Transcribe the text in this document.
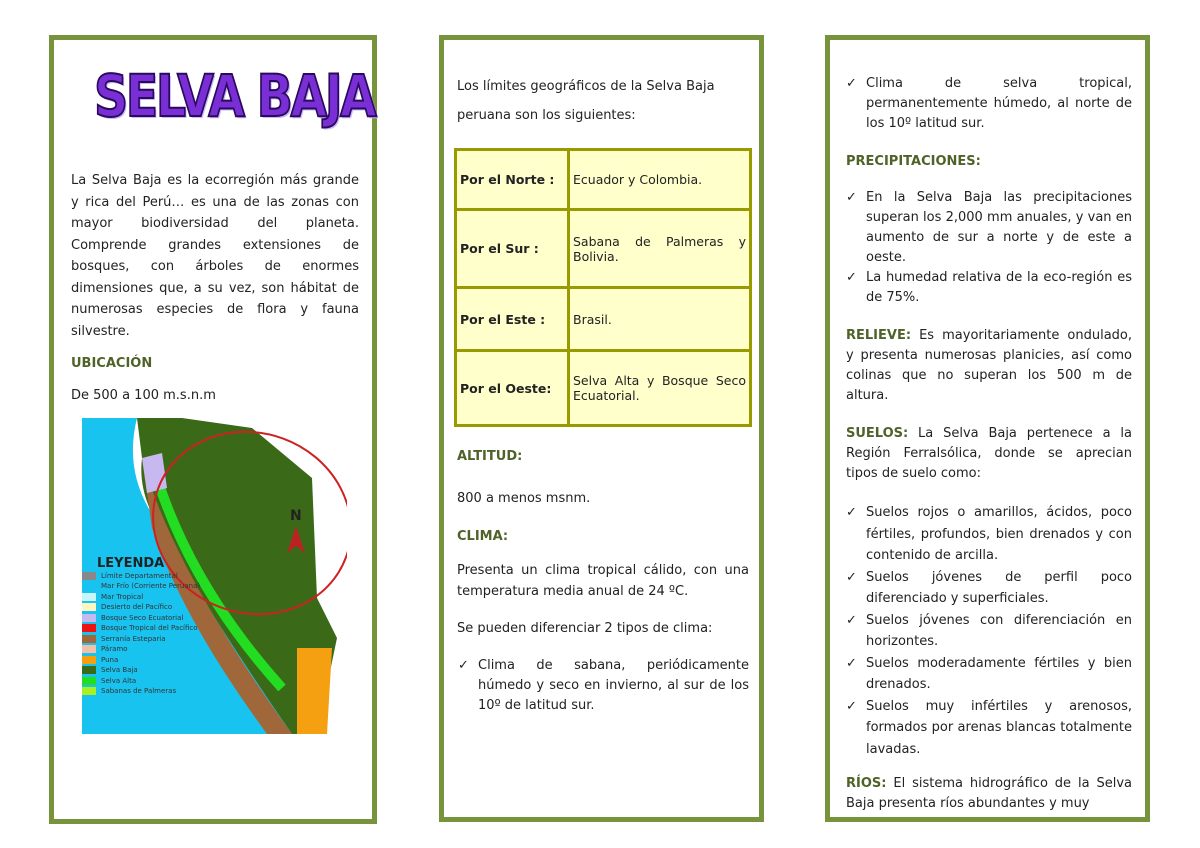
SELVA BAJA

La Selva Baja es la ecorregión más grande y rica del Perú… es una de las zonas con mayor biodiversidad del planeta. Comprende grandes extensiones de bosques, con árboles de enormes dimensiones que, a su vez, son hábitat de numerosas especies de flora y fauna silvestre.

UBICACIÓN

De 500 a 100 m.s.n.m

N
LEYENDA
Límite Departamental
Mar Frío (Corriente Peruana)
Mar Tropical
Desierto del Pacífico
Bosque Seco Ecuatorial
Bosque Tropical del Pacífico
Serranía Esteparia
Páramo
Puna
Selva Baja
Selva Alta
Sabanas de Palmeras

Los límites geográficos de la Selva Baja peruana son los siguientes:

Por el Norte :	Ecuador y Colombia.
Por el Sur :	Sabana de Palmeras y Bolivia.
Por el Este :	Brasil.
Por el Oeste:	Selva Alta y Bosque Seco Ecuatorial.

ALTITUD:

800 a menos msnm.

CLIMA:

Presenta un clima tropical cálido, con una temperatura media anual de 24 ºC.

Se pueden diferenciar 2 tipos de clima:

✓ Clima de sabana, periódicamente húmedo y seco en invierno, al sur de los 10º de latitud sur.
✓ Clima de selva tropical, permanentemente húmedo, al norte de los 10º latitud sur.

PRECIPITACIONES:

✓ En la Selva Baja las precipitaciones superan los 2,000 mm anuales, y van en aumento de sur a norte y de este a oeste.
✓ La humedad relativa de la eco-región es de 75%.

RELIEVE: Es mayoritariamente ondulado, y presenta numerosas planicies, así como colinas que no superan los 500 m de altura.

SUELOS: La Selva Baja pertenece a la Región Ferralsólica, donde se aprecian tipos de suelo como:

✓ Suelos rojos o amarillos, ácidos, poco fértiles, profundos, bien drenados y con contenido de arcilla.
✓ Suelos jóvenes de perfil poco diferenciado y superficiales.
✓ Suelos jóvenes con diferenciación en horizontes.
✓ Suelos moderadamente fértiles y bien drenados.
✓ Suelos muy infértiles y arenosos, formados por arenas blancas totalmente lavadas.

RÍOS: El sistema hidrográfico de la Selva Baja presenta ríos abundantes y muy
